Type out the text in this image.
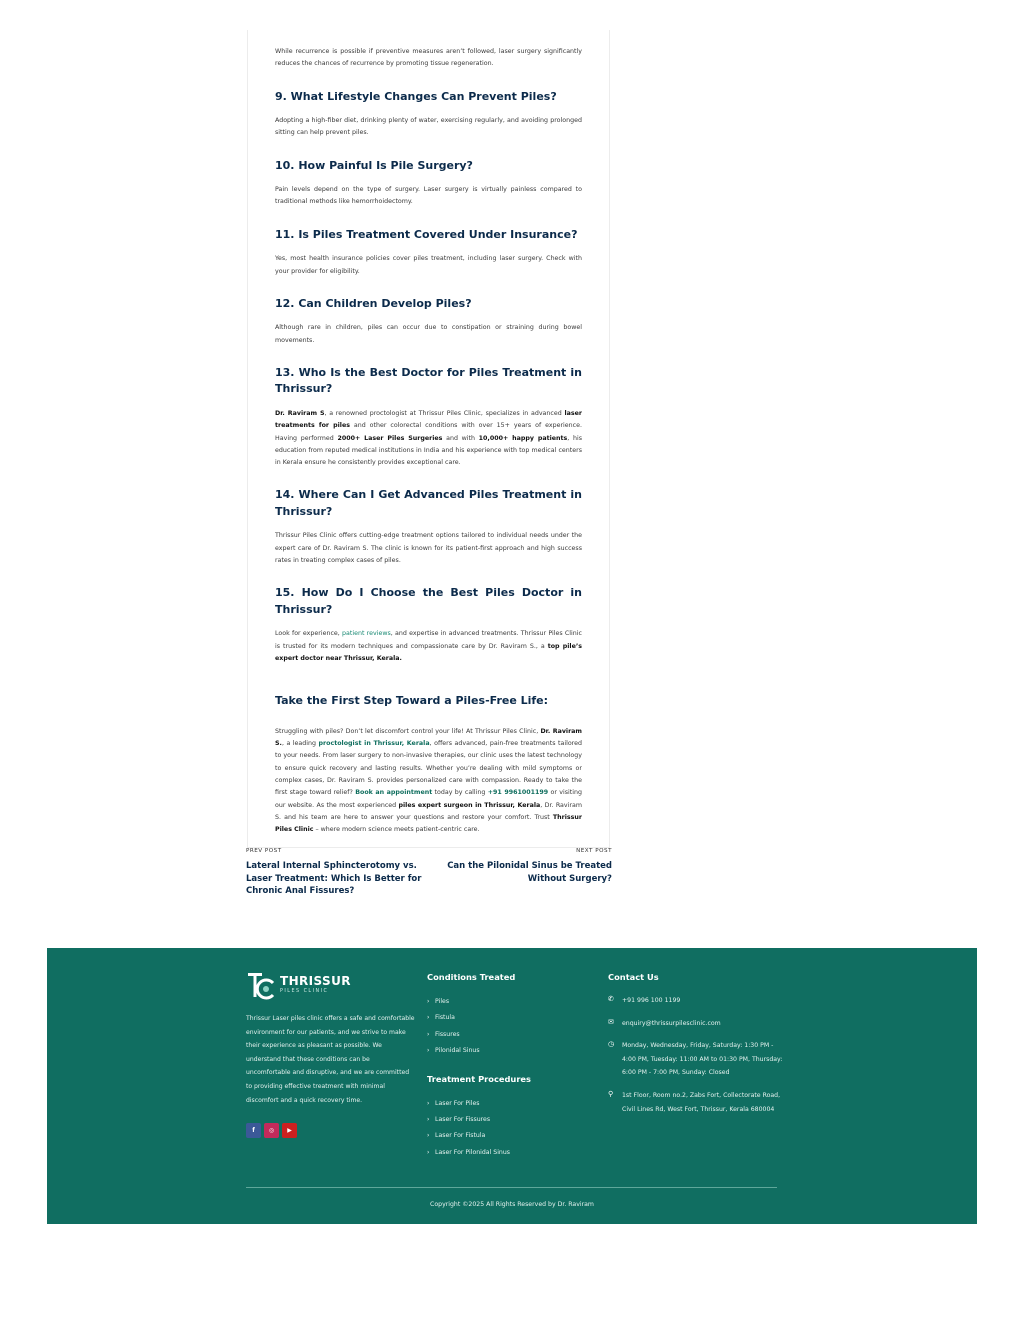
While recurrence is possible if preventive measures aren’t followed, laser surgery significantly reduces the chances of recurrence by promoting tissue regeneration.

9. What Lifestyle Changes Can Prevent Piles?

Adopting a high-fiber diet, drinking plenty of water, exercising regularly, and avoiding prolonged sitting can help prevent piles.

10. How Painful Is Pile Surgery?

Pain levels depend on the type of surgery. Laser surgery is virtually painless compared to traditional methods like hemorrhoidectomy.

11. Is Piles Treatment Covered Under Insurance?

Yes, most health insurance policies cover piles treatment, including laser surgery. Check with your provider for eligibility.

12. Can Children Develop Piles?

Although rare in children, piles can occur due to constipation or straining during bowel movements.

13. Who Is the Best Doctor for Piles Treatment in Thrissur?

Dr. Raviram S, a renowned proctologist at Thrissur Piles Clinic, specializes in advanced laser treatments for piles and other colorectal conditions with over 15+ years of experience. Having performed 2000+ Laser Piles Surgeries and with 10,000+ happy patients, his education from reputed medical institutions in India and his experience with top medical centers in Kerala ensure he consistently provides exceptional care.

14. Where Can I Get Advanced Piles Treatment in Thrissur?

Thrissur Piles Clinic offers cutting-edge treatment options tailored to individual needs under the expert care of Dr. Raviram S. The clinic is known for its patient-first approach and high success rates in treating complex cases of piles.

15. How Do I Choose the Best Piles Doctor in Thrissur?

Look for experience, patient reviews, and expertise in advanced treatments. Thrissur Piles Clinic is trusted for its modern techniques and compassionate care by Dr. Raviram S., a top pile’s expert doctor near Thrissur, Kerala.

Take the First Step Toward a Piles-Free Life:

Struggling with piles? Don’t let discomfort control your life! At Thrissur Piles Clinic, Dr. Raviram S., a leading proctologist in Thrissur, Kerala, offers advanced, pain-free treatments tailored to your needs. From laser surgery to non-invasive therapies, our clinic uses the latest technology to ensure quick recovery and lasting results. Whether you’re dealing with mild symptoms or complex cases, Dr. Raviram S. provides personalized care with compassion. Ready to take the first stage toward relief? Book an appointment today by calling +91 9961001199 or visiting our website. As the most experienced piles expert surgeon in Thrissur, Kerala, Dr. Raviram S. and his team are here to answer your questions and restore your comfort. Trust Thrissur Piles Clinic – where modern science meets patient-centric care.

PREV POST
Lateral Internal Sphincterotomy vs. Laser Treatment: Which Is Better for Chronic Anal Fissures?
NEXT POST
Can the Pilonidal Sinus be Treated Without Surgery?
THRISSUR
PILES CLINIC

Thrissur Laser piles clinic offers a safe and comfortable environment for our patients, and we strive to make their experience as pleasant as possible. We understand that these conditions can be uncomfortable and disruptive, and we are committed to providing effective treatment with minimal discomfort and a quick recovery time.

f	◎	▶
Conditions Treated
› Piles
› Fistula
› Fissures
› Pilonidal Sinus
Treatment Procedures
› Laser For Piles
› Laser For Fissures
› Laser For Fistula
› Laser For Pilonidal Sinus
Contact Us
✆	+91 996 100 1199
✉	enquiry@thrissurpilesclinic.com
◷	Monday, Wednesday, Friday, Saturday: 1:30 PM - 4:00 PM, Tuesday: 11:00 AM to 01:30 PM, Thursday: 6:00 PM - 7:00 PM, Sunday: Closed
⚲	1st Floor, Room no.2, Zabs Fort, Collectorate Road, Civil Lines Rd, West Fort, Thrissur, Kerala 680004
Copyright ©2025 All Rights Reserved by Dr. Raviram
